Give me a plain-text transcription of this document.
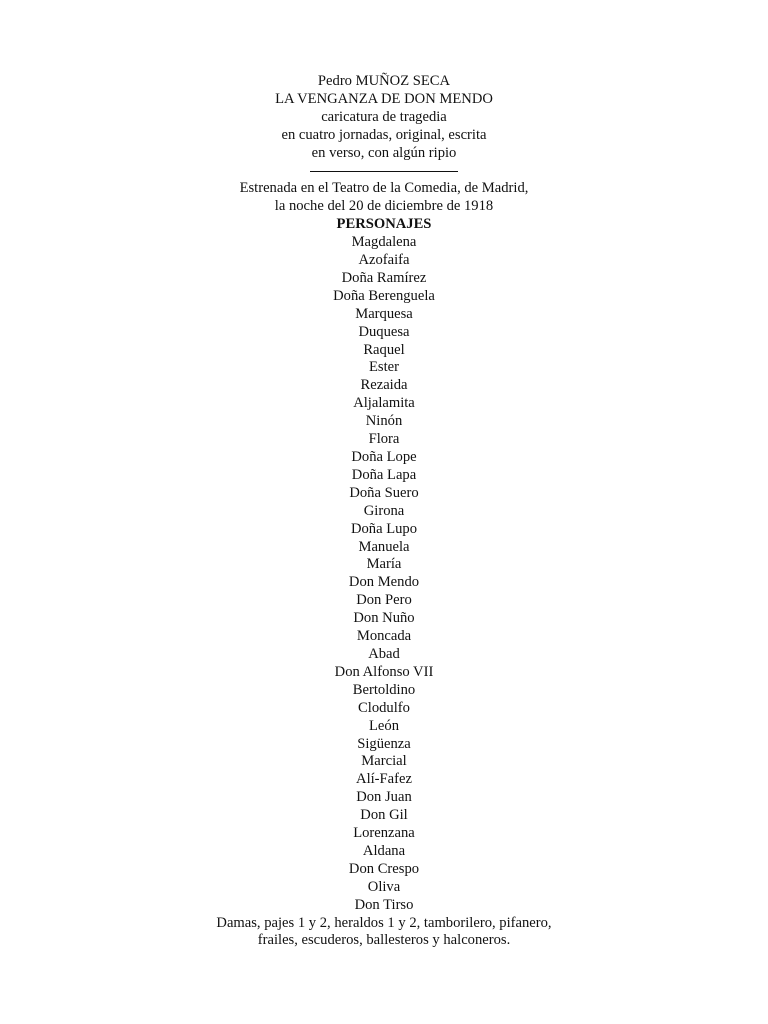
Pedro MUÑOZ SECA
LA VENGANZA DE DON MENDO
caricatura de tragedia
en cuatro jornadas, original, escrita
en verso, con algún ripio
Estrenada en el Teatro de la Comedia, de Madrid,
la noche del 20 de diciembre de 1918
PERSONAJES
Magdalena
Azofaifa
Doña Ramírez
Doña Berenguela
Marquesa
Duquesa
Raquel
Ester
Rezaida
Aljalamita
Ninón
Flora
Doña Lope
Doña Lapa
Doña Suero
Girona
Doña Lupo
Manuela
María
Don Mendo
Don Pero
Don Nuño
Moncada
Abad
Don Alfonso VII
Bertoldino
Clodulfo
León
Sigüenza
Marcial
Alí-Fafez
Don Juan
Don Gil
Lorenzana
Aldana
Don Crespo
Oliva
Don Tirso
Damas, pajes 1 y 2, heraldos 1 y 2, tamborilero, pifanero,
frailes, escuderos, ballesteros y halconeros.
